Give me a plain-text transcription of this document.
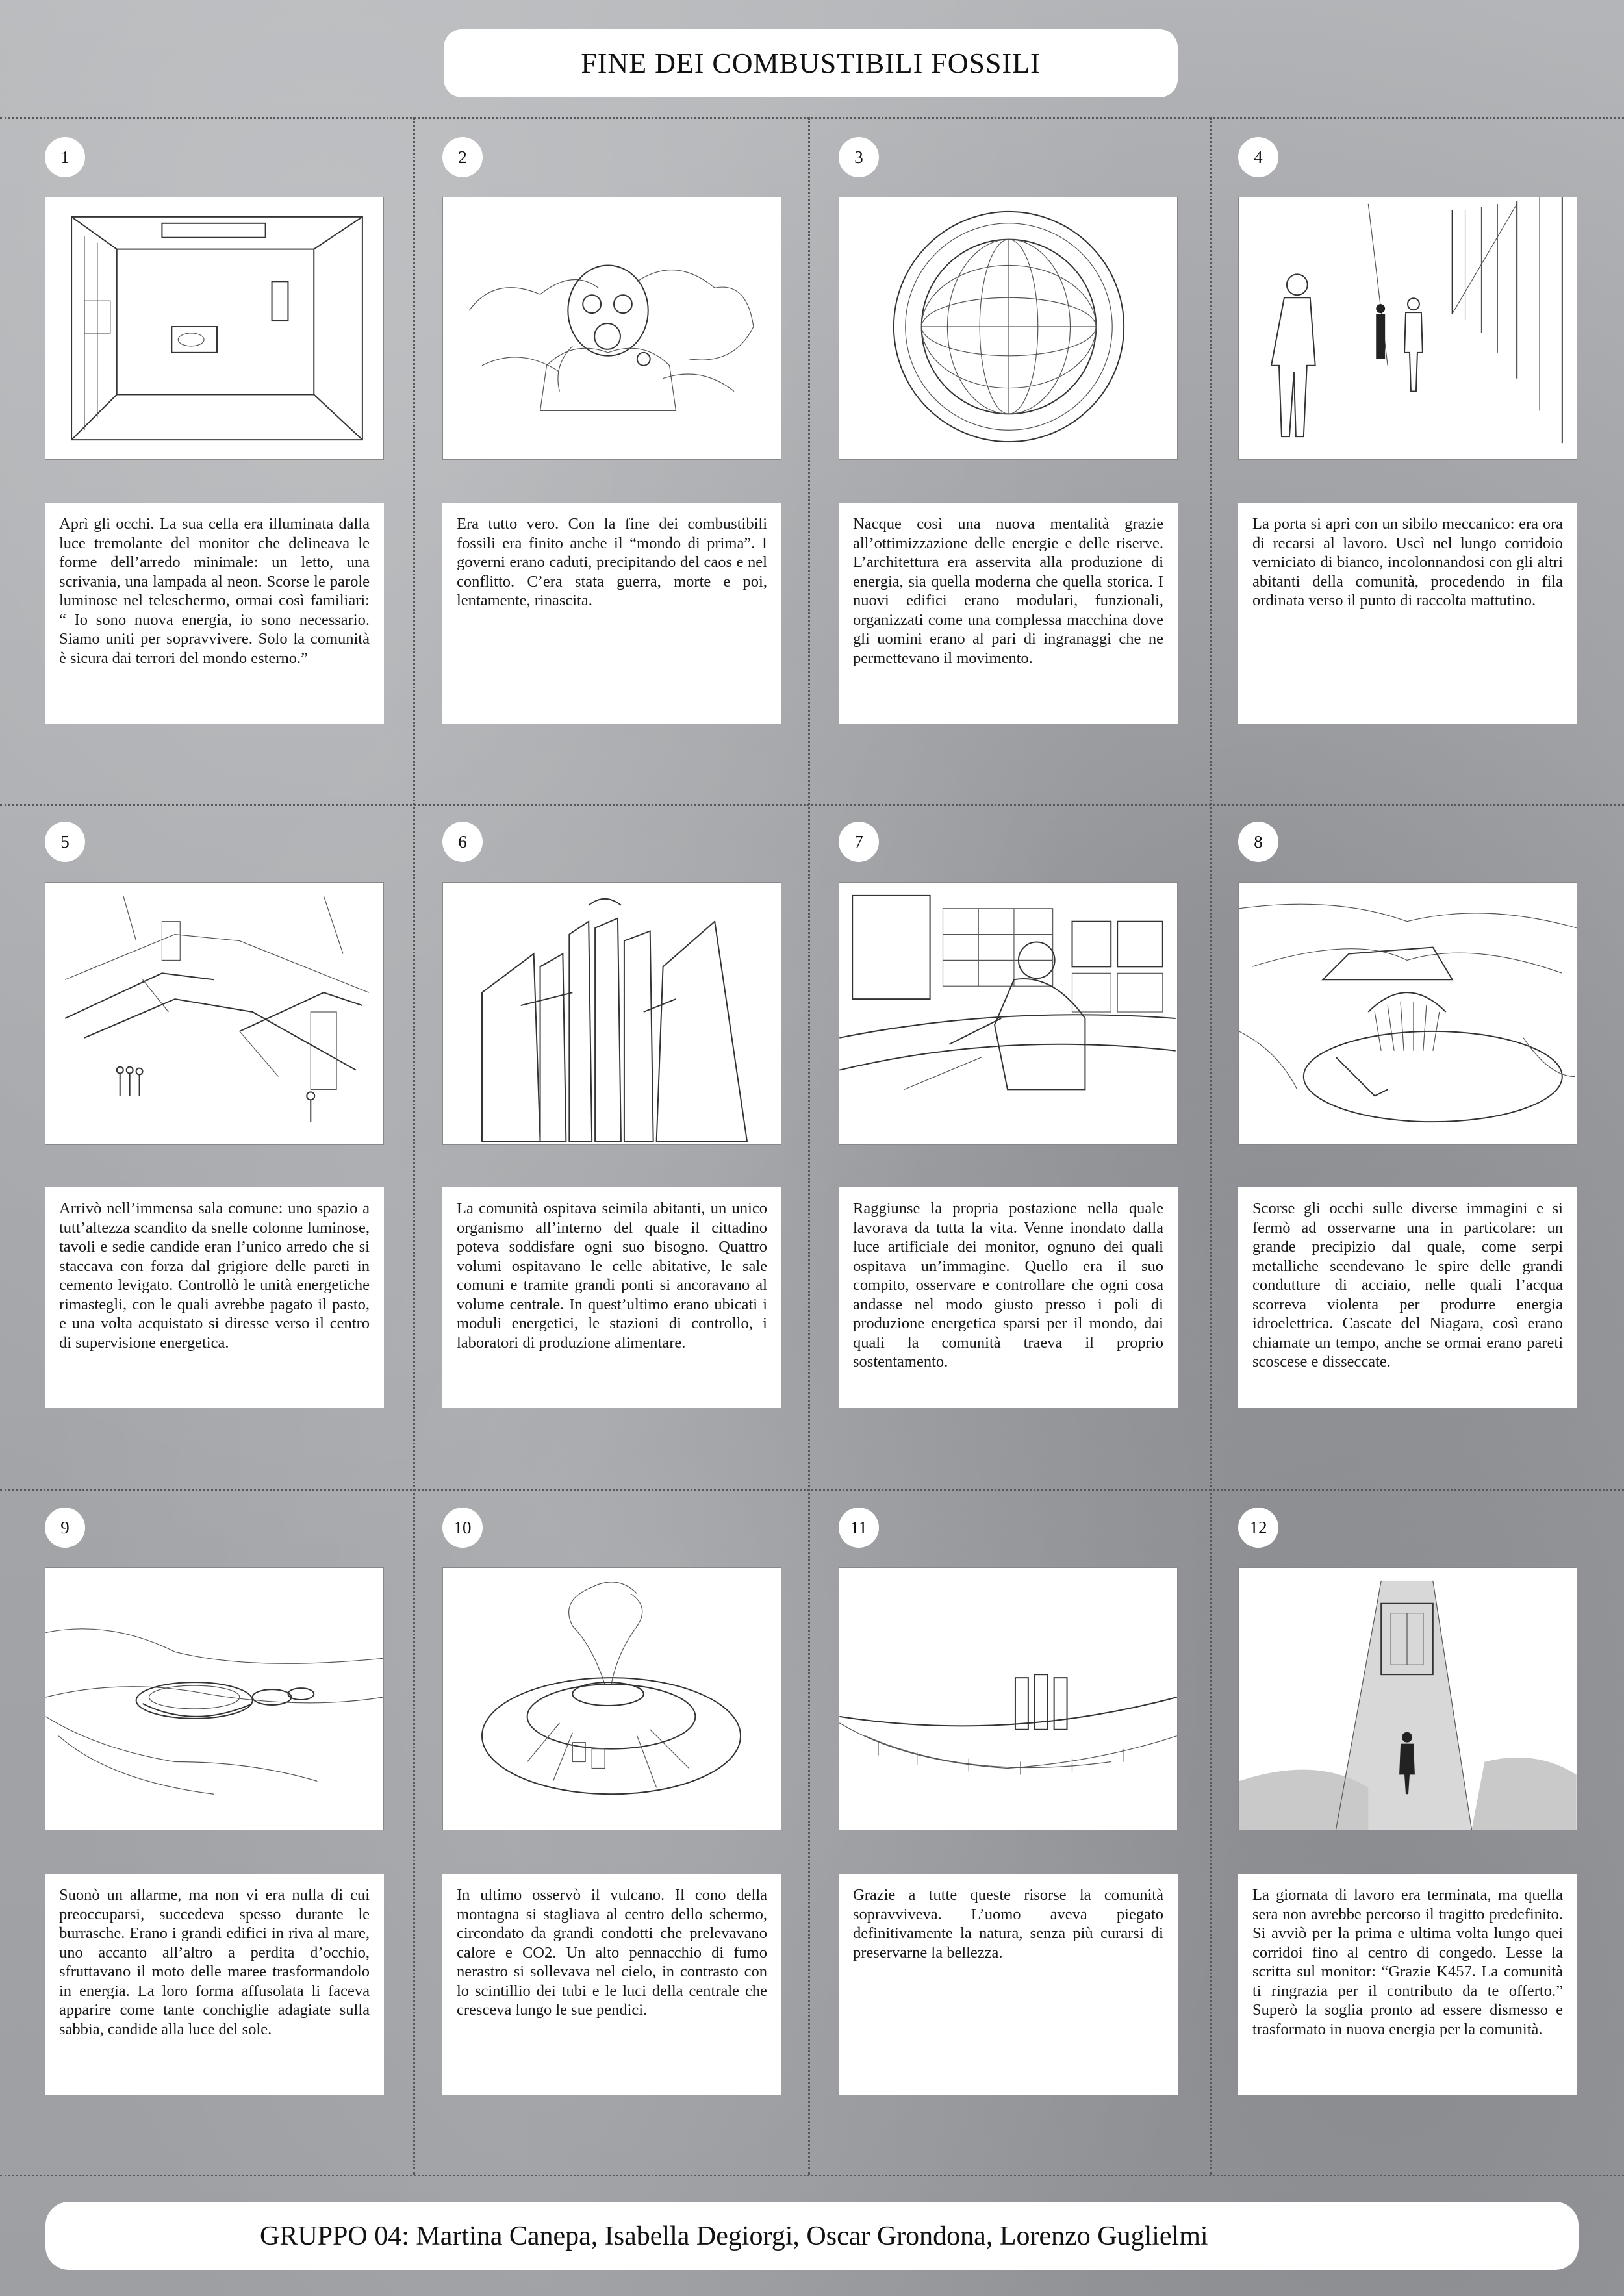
FINE DEI COMBUSTIBILI FOSSILI
1
Aprì gli occhi. La sua cella era illuminata dalla luce tremolante del monitor che delineava le forme dell’arredo minimale: un letto, una scrivania, una lampada al neon. Scorse le parole luminose nel teleschermo, ormai così familiari: “ Io sono nuova energia, io sono necessario. Siamo uniti per sopravvivere. Solo la comunità è sicura dai terrori del mondo esterno.”
2
Era tutto vero. Con la fine dei combustibili fossili era finito anche il “mondo di prima”. I governi erano caduti, precipitando del caos e nel conflitto. C’era stata guerra, morte e poi, lentamente, rinascita.
3
Nacque così una nuova mentalità grazie all’ottimizzazione delle energie e delle riserve. L’architettura era asservita alla produzione di energia, sia quella moderna che quella storica. I nuovi edifici erano modulari, funzionali, organizzati come una complessa macchina dove gli uomini erano al pari di ingranaggi che ne permettevano il movimento.
4
La porta si aprì con un sibilo meccanico: era ora di recarsi al lavoro. Uscì nel lungo corridoio verniciato di bianco, incolonnandosi con gli altri abitanti della comunità, procedendo in fila ordinata verso il punto di raccolta mattutino.
5
Arrivò nell’immensa sala comune: uno spazio a tutt’altezza scandito da snelle colonne luminose, tavoli e sedie candide eran l’unico arredo che si staccava con forza dal grigiore delle pareti in cemento levigato. Controllò le unità energetiche rimastegli, con le quali avrebbe pagato il pasto, e una volta acquistato si diresse verso il centro di supervisione energetica.
6
La comunità ospitava seimila abitanti, un unico organismo all’interno del quale il cittadino poteva soddisfare ogni suo bisogno. Quattro volumi ospitavano le celle abitative, le sale comuni e tramite grandi ponti si ancoravano al volume centrale. In quest’ultimo erano ubicati i moduli energetici, le stazioni di controllo, i laboratori di produzione alimentare.
7
Raggiunse la propria postazione nella quale lavorava da tutta la vita. Venne inondato dalla luce artificiale dei monitor, ognuno dei quali ospitava un’immagine. Quello era il suo compito, osservare e controllare che ogni cosa andasse nel modo giusto presso i poli di produzione energetica sparsi per il mondo, dai quali la comunità traeva il proprio sostentamento.
8
Scorse gli occhi sulle diverse immagini e si fermò ad osservarne una in particolare: un grande precipizio dal quale, come serpi metalliche scendevano le spire delle grandi condutture di acciaio, nelle quali l’acqua scorreva violenta per produrre energia idroelettrica. Cascate del Niagara, così erano chiamate un tempo, anche se ormai erano pareti scoscese e disseccate.
9
Suonò un allarme, ma non vi era nulla di cui preoccuparsi, succedeva spesso durante le burrasche. Erano i grandi edifici in riva al mare, uno accanto all’altro a perdita d’occhio, sfruttavano il moto delle maree trasformandolo in energia. La loro forma affusolata li faceva apparire come tante conchiglie adagiate sulla sabbia, candide alla luce del sole.
10
In ultimo osservò il vulcano. Il cono della montagna si stagliava al centro dello schermo, circondato da grandi condotti che prelevavano calore e CO2. Un alto pennacchio di fumo nerastro si sollevava nel cielo, in contrasto con lo scintillio dei tubi e le luci della centrale che cresceva lungo le sue pendici.
11
Grazie a tutte queste risorse la comunità sopravviveva. L’uomo aveva piegato definitivamente la natura, senza più curarsi di preservarne la bellezza.
12
La giornata di lavoro era terminata, ma quella sera non avrebbe percorso il tragitto predefinito. Si avviò per la prima e ultima volta lungo quei corridoi fino al centro di congedo. Lesse la scritta sul monitor: “Grazie K457. La comunità ti ringrazia per il contributo da te offerto.” Superò la soglia pronto ad essere dismesso e trasformato in nuova energia per la comunità.
GRUPPO 04: Martina Canepa, Isabella Degiorgi, Oscar Grondona, Lorenzo Guglielmi
